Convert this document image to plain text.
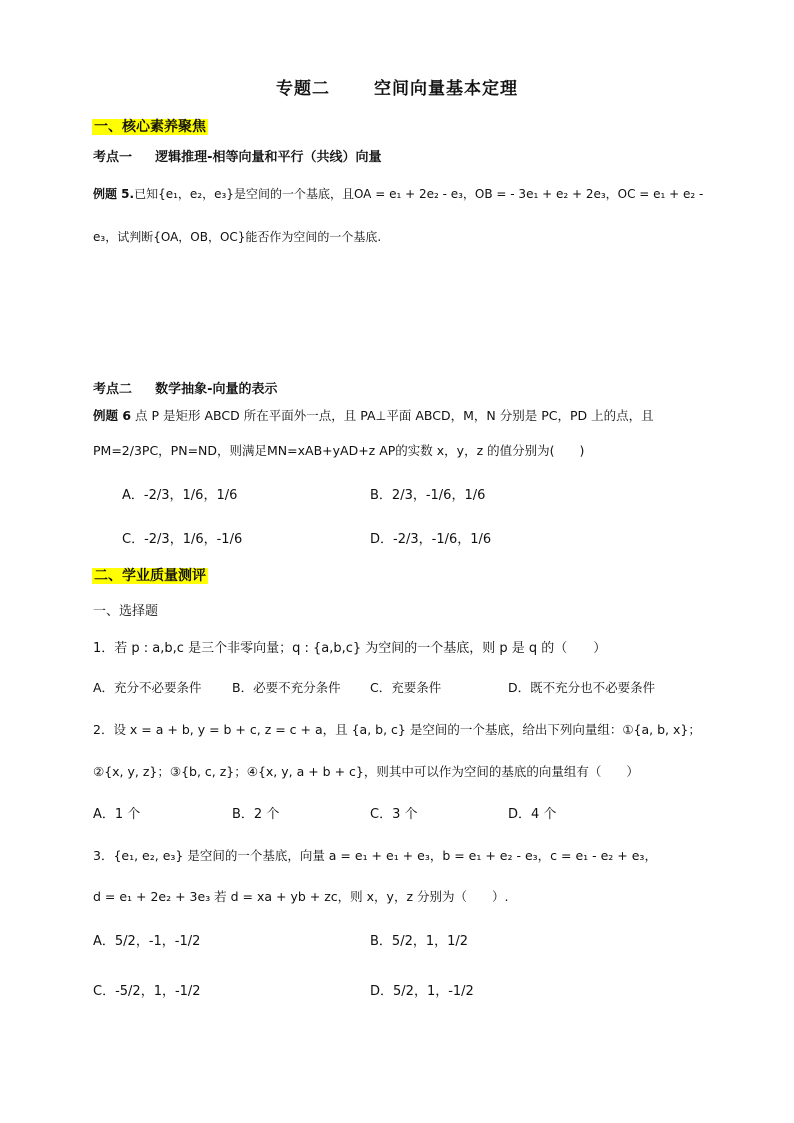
专题二	空间向量基本定理
一、核心素养聚焦
考点一 逻辑推理-相等向量和平行（共线）向量
例题 5.已知{e₁，e₂，e₃}是空间的一个基底，且OA = e₁ + 2e₂ - e₃，OB = - 3e₁ + e₂ + 2e₃，OC = e₁ + e₂ -
e₃，试判断{OA，OB，OC}能否作为空间的一个基底.
考点二 数学抽象-向量的表示
例题 6 点 P 是矩形 ABCD 所在平面外一点，且 PA⊥平面 ABCD，M，N 分别是 PC，PD 上的点，且
PM=2/3PC，PN=ND，则满足MN=xAB+yAD+z AP的实数 x，y，z 的值分别为(　　)
A．-2/3，1/6，1/6	B．2/3，-1/6，1/6
C．-2/3，1/6，-1/6	D．-2/3，-1/6，1/6
二、学业质量测评
一、选择题
1．若 p : a,b,c 是三个非零向量；q : {a,b,c} 为空间的一个基底，则 p 是 q 的（　　）
A．充分不必要条件 B．必要不充分条件 C．充要条件	D．既不充分也不必要条件
2．设 x = a + b, y = b + c, z = c + a，且 {a, b, c} 是空间的一个基底，给出下列向量组：①{a, b, x}；
②{x, y, z}；③{b, c, z}；④{x, y, a + b + c}，则其中可以作为空间的基底的向量组有（　　）
A．1 个	B．2 个	C．3 个	D．4 个
3．{e₁, e₂, e₃} 是空间的一个基底，向量 a = e₁ + e₁ + e₃，b = e₁ + e₂ - e₃，c = e₁ - e₂ + e₃，
d = e₁ + 2e₂ + 3e₃ 若 d = xa + yb + zc，则 x，y，z 分别为（　　）.
A．5/2，-1，-1/2	B．5/2，1，1/2
C．-5/2，1，-1/2	D．5/2，1，-1/2
